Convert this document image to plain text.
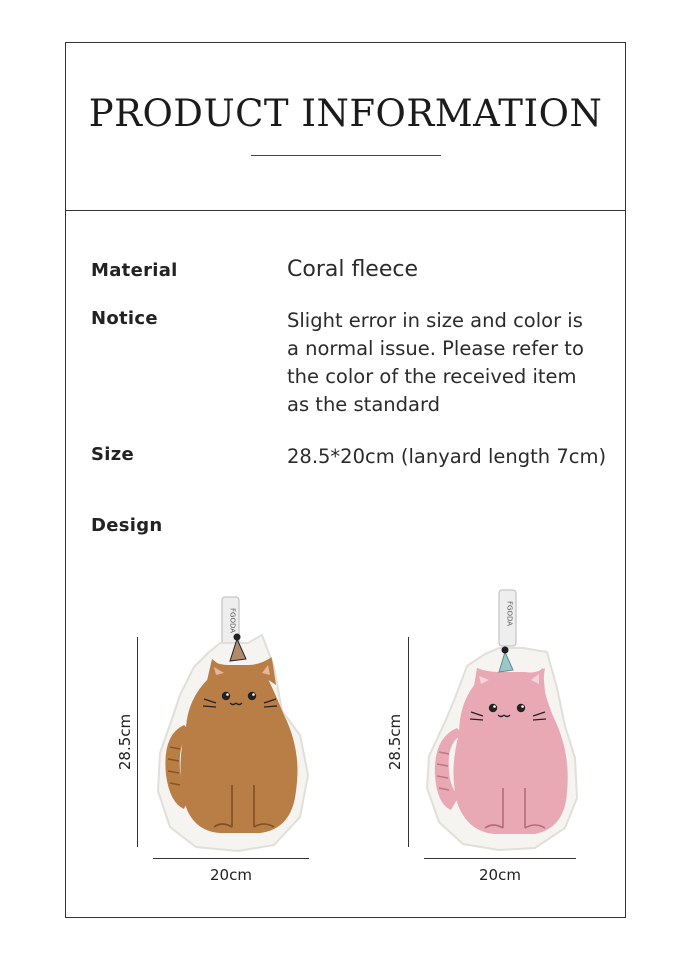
PRODUCT INFORMATION
Material	Coral fleece
Notice	Slight error in size and color is
a normal issue. Please refer to
the color of the received item
as the standard
Size	28.5*20cm (lanyard length 7cm)
Design
28.5cm
20cm
FGODA
28.5cm
20cm
FGODA
